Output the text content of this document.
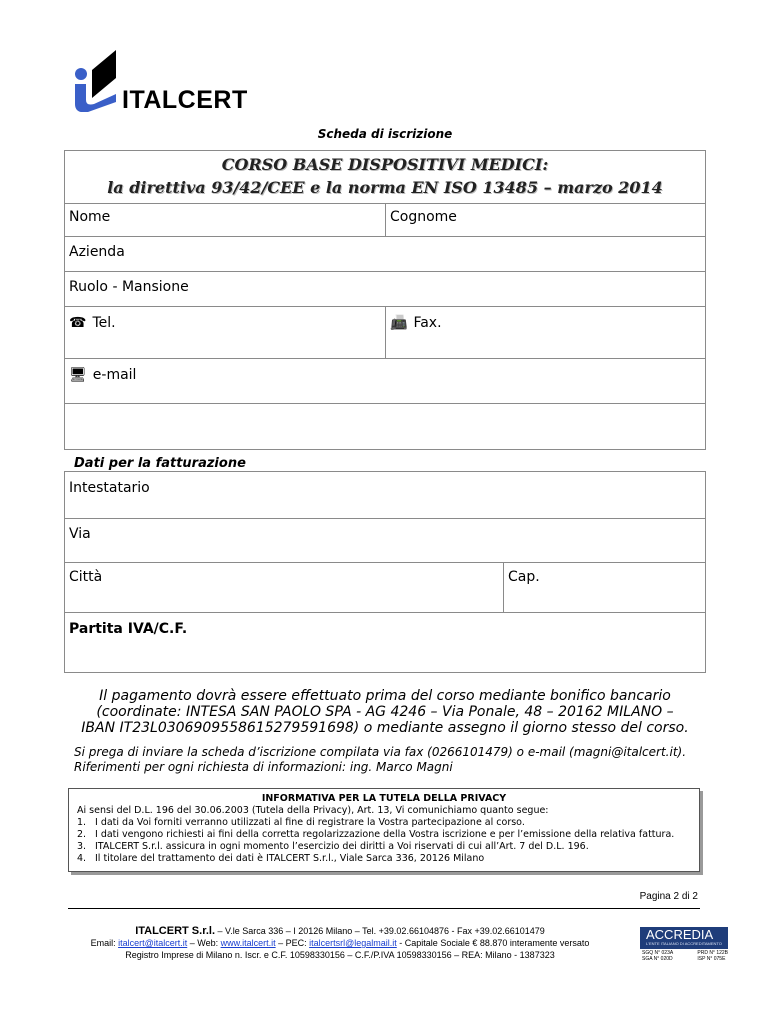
ITALCERT
Scheda di iscrizione
CORSO BASE DISPOSITIVI MEDICI:
la direttiva 93/42/CEE e la norma EN ISO 13485 – marzo 2014
Nome	Cognome
Azienda
Ruolo - Mansione
☎ Tel.	📠 Fax.
🖥 e-mail
Dati per la fatturazione
Intestatario
Via
Città	Cap.
Partita IVA/C.F.
Il pagamento dovrà essere effettuato prima del corso mediante bonifico bancario
(coordinate: INTESA SAN PAOLO SPA - AG 4246 – Via Ponale, 48 – 20162 MILANO –
IBAN IT23L0306909558615279591698) o mediante assegno il giorno stesso del corso.
Si prega di inviare la scheda d’iscrizione compilata via fax (0266101479) o e-mail (magni@italcert.it).
Riferimenti per ogni richiesta di informazioni: ing. Marco Magni
INFORMATIVA PER LA TUTELA DELLA PRIVACY
Ai sensi del D.L. 196 del 30.06.2003 (Tutela della Privacy), Art. 13, Vi comunichiamo quanto segue:
1. I dati da Voi forniti verranno utilizzati al fine di registrare la Vostra partecipazione al corso.
2. I dati vengono richiesti ai fini della corretta regolarizzazione della Vostra iscrizione e per l’emissione della relativa fattura.
3. ITALCERT S.r.l. assicura in ogni momento l’esercizio dei diritti a Voi riservati di cui all’Art. 7 del D.L. 196.
4. Il titolare del trattamento dei dati è ITALCERT S.r.l., Viale Sarca 336, 20126 Milano
Pagina 2 di 2
ITALCERT S.r.l. – V.le Sarca 336 – I 20126 Milano – Tel. +39.02.66104876 - Fax +39.02.66101479
Email: italcert@italcert.it – Web: www.italcert.it – PEC: italcertsrl@legalmail.it - Capitale Sociale € 88.870 interamente versato
Registro Imprese di Milano n. Iscr. e C.F. 10598330156 – C.F./P.IVA 10598330156 – REA: Milano - 1387323
ACCREDIA
L'ENTE ITALIANO DI ACCREDITAMENTO
SGQ N° 023A
SGA N° 020D
PRD N° 122B
ISP N° 075E
